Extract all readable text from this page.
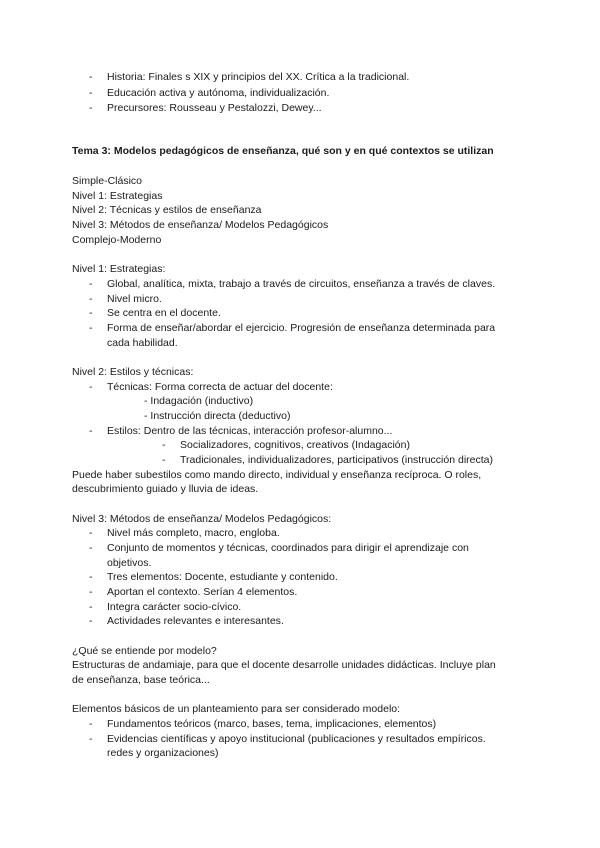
- Historia: Finales s XIX y principios del XX. Crítica a la tradicional.
- Educación activa y autónoma, individualización.
- Precursores: Rousseau y Pestalozzi, Dewey...
Tema 3: Modelos pedagógicos de enseñanza, qué son y en qué contextos se utilizan
Simple-Clásico
Nivel 1: Estrategias
Nivel 2: Técnicas y estilos de enseñanza
Nivel 3: Métodos de enseñanza/ Modelos Pedagógicos
Complejo-Moderno
Nivel 1: Estrategias:
- Global, analítica, mixta, trabajo a través de circuitos, enseñanza a través de claves.
- Nivel micro.
- Se centra en el docente.
- Forma de enseñar/abordar el ejercicio. Progresión de enseñanza determinada para
cada habilidad.
Nivel 2: Estilos y técnicas:
- Técnicas: Forma correcta de actuar del docente:
- Indagación (inductivo)
- Instrucción directa (deductivo)
- Estilos: Dentro de las técnicas, interacción profesor-alumno...
- Socializadores, cognitivos, creativos (Indagación)
- Tradicionales, individualizadores, participativos (instrucción directa)
Puede haber subestilos como mando directo, individual y enseñanza recíproca. O roles,
descubrimiento guiado y lluvia de ideas.
Nivel 3: Métodos de enseñanza/ Modelos Pedagógicos:
- Nivel más completo, macro, engloba.
- Conjunto de momentos y técnicas, coordinados para dirigir el aprendizaje con
objetivos.
- Tres elementos: Docente, estudiante y contenido.
- Aportan el contexto. Serían 4 elementos.
- Integra carácter socio-cívico.
- Actividades relevantes e interesantes.
¿Qué se entiende por modelo?
Estructuras de andamiaje, para que el docente desarrolle unidades didácticas. Incluye plan
de enseñanza, base teórica...
Elementos básicos de un planteamiento para ser considerado modelo:
- Fundamentos teóricos (marco, bases, tema, implicaciones, elementos)
- Evidencias científicas y apoyo institucional (publicaciones y resultados empíricos.
redes y organizaciones)
